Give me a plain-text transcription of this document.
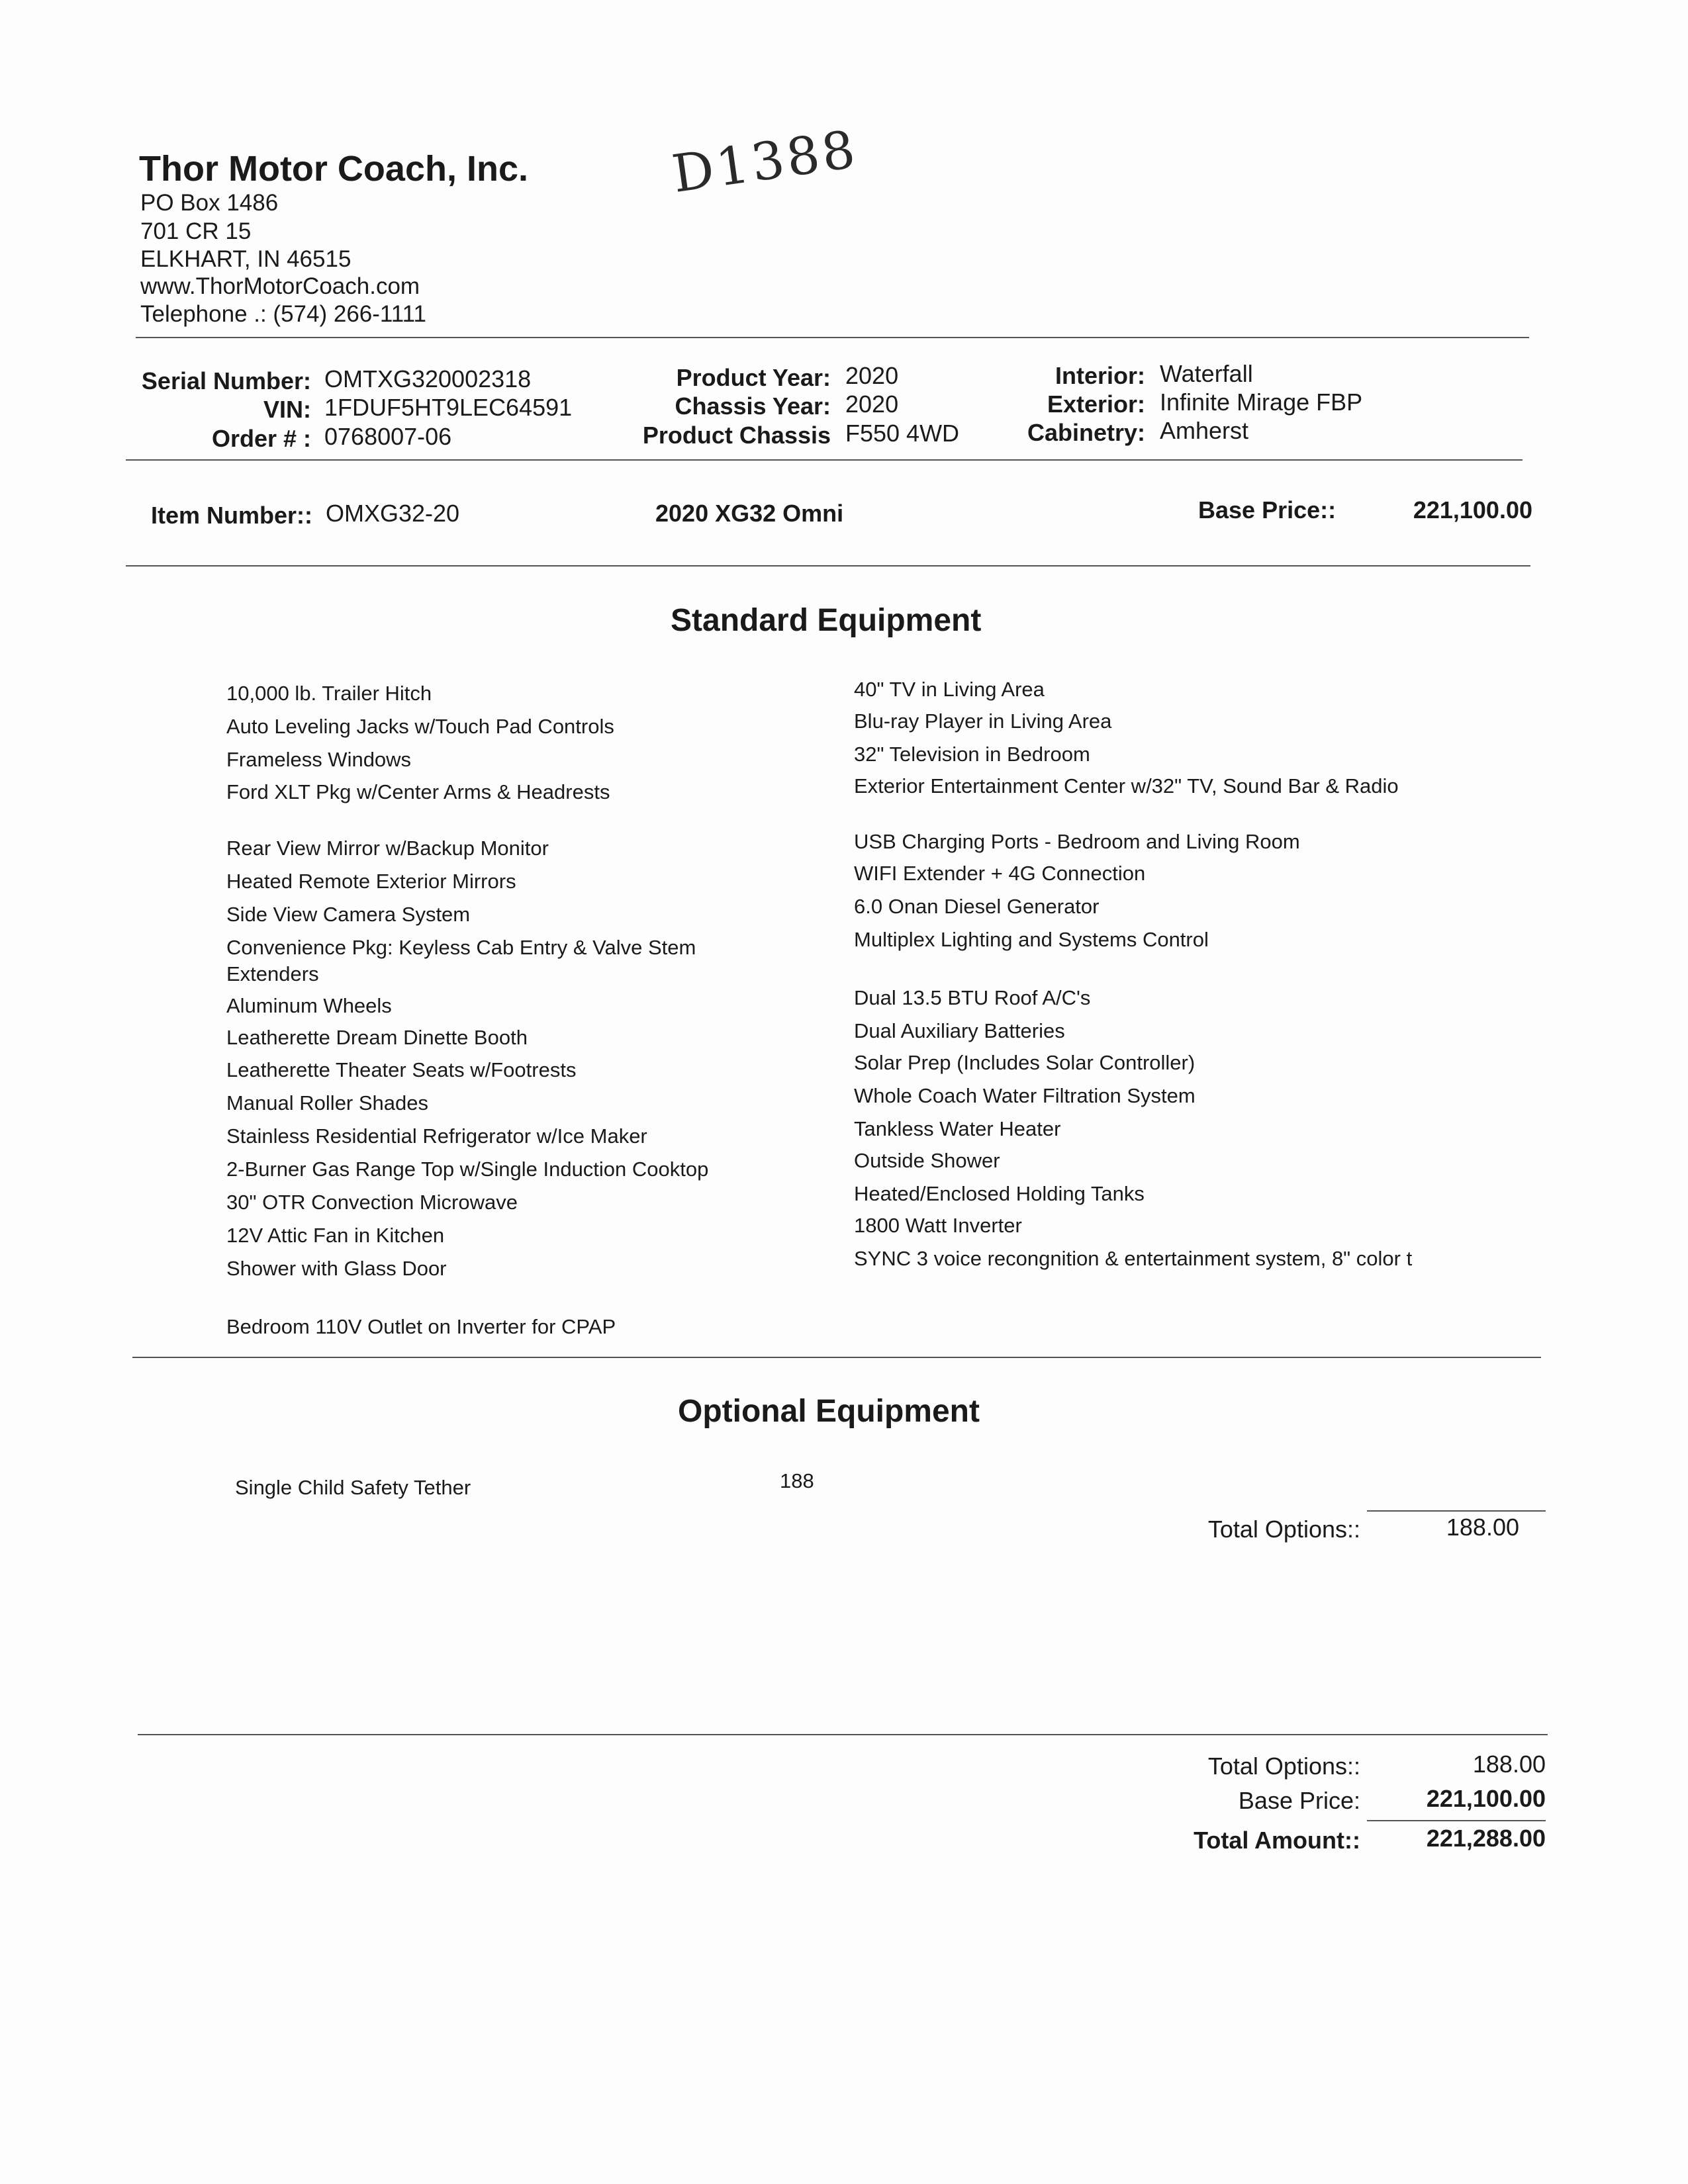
Thor Motor Coach, Inc.
PO Box 1486
701 CR 15
ELKHART, IN 46515
www.ThorMotorCoach.com
Telephone .: (574) 266-1111
D1388
Serial Number: OMTXG320002318
VIN: 1FDUF5HT9LEC64591
Order # : 0768007-06
Product Year: 2020
Chassis Year: 2020
Product Chassis F550 4WD
Interior: Waterfall
Exterior: Infinite Mirage FBP
Cabinetry: Amherst
Item Number:: OMXG32-20	2020 XG32 Omni	Base Price::	221,100.00
Standard Equipment
10,000 lb. Trailer Hitch
Auto Leveling Jacks w/Touch Pad Controls
Frameless Windows
Ford XLT Pkg w/Center Arms & Headrests
Rear View Mirror w/Backup Monitor
Heated Remote Exterior Mirrors
Side View Camera System
Convenience Pkg: Keyless Cab Entry & Valve Stem Extenders
Aluminum Wheels
Leatherette Dream Dinette Booth
Leatherette Theater Seats w/Footrests
Manual Roller Shades
Stainless Residential Refrigerator w/Ice Maker
2-Burner Gas Range Top w/Single Induction Cooktop
30" OTR Convection Microwave
12V Attic Fan in Kitchen
Shower with Glass Door
Bedroom 110V Outlet on Inverter for CPAP
40" TV in Living Area
Blu-ray Player in Living Area
32" Television in Bedroom
Exterior Entertainment Center w/32" TV, Sound Bar & Radio
USB Charging Ports - Bedroom and Living Room
WIFI Extender + 4G Connection
6.0 Onan Diesel Generator
Multiplex Lighting and Systems Control
Dual 13.5 BTU Roof A/C's
Dual Auxiliary Batteries
Solar Prep (Includes Solar Controller)
Whole Coach Water Filtration System
Tankless Water Heater
Outside Shower
Heated/Enclosed Holding Tanks
1800 Watt Inverter
SYNC 3 voice recongnition & entertainment system, 8" color t
Optional Equipment
Single Child Safety Tether	188
Total Options::	188.00
Total Options::	188.00
Base Price:	221,100.00
Total Amount::	221,288.00
